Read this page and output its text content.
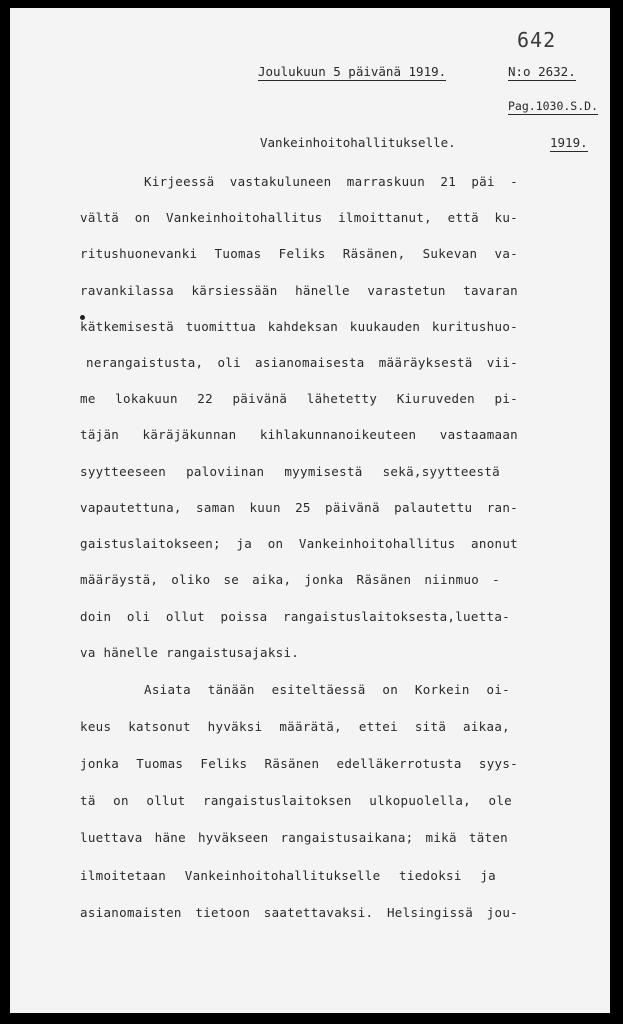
642
Joulukuun 5 päivänä 1919.	N:o 2632.
Pag.1030.S.D.
Vankeinhoitohallitukselle.	1919.
Kirjeessä vastakuluneen marraskuun 21 päi -
vältä on Vankeinhoitohallitus ilmoittanut, että ku-
ritushuonevanki Tuomas Feliks Räsänen, Sukevan va-
ravankilassa kärsiessään hänelle varastetun tavaran
kätkemisestä tuomittua kahdeksan kuukauden kuritushuo-
nerangaistusta, oli asianomaisesta määräyksestä vii-
me lokakuun 22 päivänä lähetetty Kiuruveden pi-
täjän käräjäkunnan kihlakunnanoikeuteen vastaamaan
syytteeseen paloviinan myymisestä sekä,syytteestä
vapautettuna, saman kuun 25 päivänä palautettu ran-
gaistuslaitokseen; ja on Vankeinhoitohallitus anonut
määräystä, oliko se aika, jonka Räsänen niinmuo -
doin oli ollut poissa rangaistuslaitoksesta,luetta-
va hänelle rangaistusajaksi.
Asiata tänään esiteltäessä on Korkein oi-
keus katsonut hyväksi määrätä, ettei sitä aikaa,
jonka Tuomas Feliks Räsänen edelläkerrotusta syys-
tä on ollut rangaistuslaitoksen ulkopuolella, ole
luettava häne hyväkseen rangaistusaikana; mikä täten
ilmoitetaan Vankeinhoitohallitukselle tiedoksi ja
asianomaisten tietoon saatettavaksi. Helsingissä jou-
